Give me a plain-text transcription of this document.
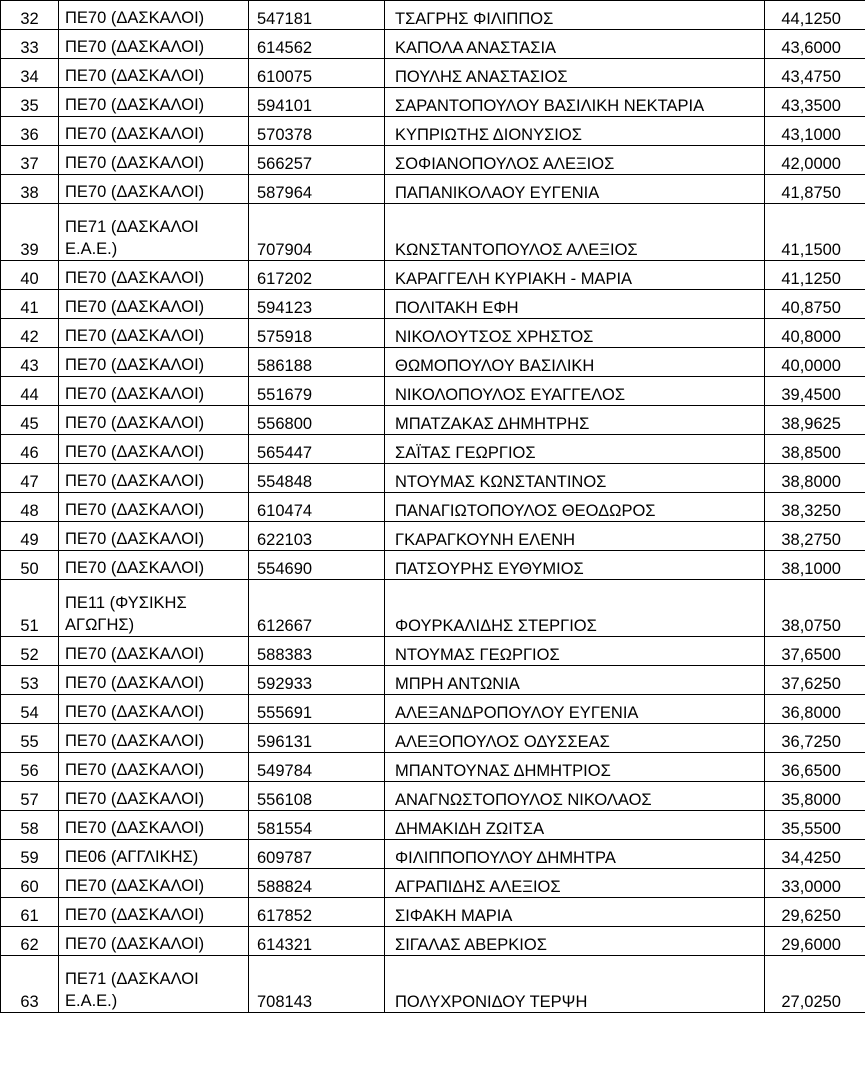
32	ΠΕ70 (ΔΑΣΚΑΛΟΙ)	547181	ΤΣΑΓΡΗΣ ΦΙΛΙΠΠΟΣ	44,1250
33	ΠΕ70 (ΔΑΣΚΑΛΟΙ)	614562	ΚΑΠΟΛΑ ΑΝΑΣΤΑΣΙΑ	43,6000
34	ΠΕ70 (ΔΑΣΚΑΛΟΙ)	610075	ΠΟΥΛΗΣ ΑΝΑΣΤΑΣΙΟΣ	43,4750
35	ΠΕ70 (ΔΑΣΚΑΛΟΙ)	594101	ΣΑΡΑΝΤΟΠΟΥΛΟΥ ΒΑΣΙΛΙΚΗ ΝΕΚΤΑΡΙΑ	43,3500
36	ΠΕ70 (ΔΑΣΚΑΛΟΙ)	570378	ΚΥΠΡΙΩΤΗΣ ΔΙΟΝΥΣΙΟΣ	43,1000
37	ΠΕ70 (ΔΑΣΚΑΛΟΙ)	566257	ΣΟΦΙΑΝΟΠΟΥΛΟΣ ΑΛΕΞΙΟΣ	42,0000
38	ΠΕ70 (ΔΑΣΚΑΛΟΙ)	587964	ΠΑΠΑΝΙΚΟΛΑΟΥ ΕΥΓΕΝΙΑ	41,8750
39	ΠΕ71 (ΔΑΣΚΑΛΟΙ Ε.Α.Ε.)	707904	ΚΩΝΣΤΑΝΤΟΠΟΥΛΟΣ ΑΛΕΞΙΟΣ	41,1500
40	ΠΕ70 (ΔΑΣΚΑΛΟΙ)	617202	ΚΑΡΑΓΓΕΛΗ ΚΥΡΙΑΚΗ - ΜΑΡΙΑ	41,1250
41	ΠΕ70 (ΔΑΣΚΑΛΟΙ)	594123	ΠΟΛΙΤΑΚΗ ΕΦΗ	40,8750
42	ΠΕ70 (ΔΑΣΚΑΛΟΙ)	575918	ΝΙΚΟΛΟΥΤΣΟΣ ΧΡΗΣΤΟΣ	40,8000
43	ΠΕ70 (ΔΑΣΚΑΛΟΙ)	586188	ΘΩΜΟΠΟΥΛΟΥ ΒΑΣΙΛΙΚΗ	40,0000
44	ΠΕ70 (ΔΑΣΚΑΛΟΙ)	551679	ΝΙΚΟΛΟΠΟΥΛΟΣ ΕΥΑΓΓΕΛΟΣ	39,4500
45	ΠΕ70 (ΔΑΣΚΑΛΟΙ)	556800	ΜΠΑΤΖΑΚΑΣ ΔΗΜΗΤΡΗΣ	38,9625
46	ΠΕ70 (ΔΑΣΚΑΛΟΙ)	565447	ΣΑΪΤΑΣ ΓΕΩΡΓΙΟΣ	38,8500
47	ΠΕ70 (ΔΑΣΚΑΛΟΙ)	554848	ΝΤΟΥΜΑΣ ΚΩΝΣΤΑΝΤΙΝΟΣ	38,8000
48	ΠΕ70 (ΔΑΣΚΑΛΟΙ)	610474	ΠΑΝΑΓΙΩΤΟΠΟΥΛΟΣ ΘΕΟΔΩΡΟΣ	38,3250
49	ΠΕ70 (ΔΑΣΚΑΛΟΙ)	622103	ΓΚΑΡΑΓΚΟΥΝΗ ΕΛΕΝΗ	38,2750
50	ΠΕ70 (ΔΑΣΚΑΛΟΙ)	554690	ΠΑΤΣΟΥΡΗΣ ΕΥΘΥΜΙΟΣ	38,1000
51	ΠΕ11 (ΦΥΣΙΚΗΣ ΑΓΩΓΗΣ)	612667	ΦΟΥΡΚΑΛΙΔΗΣ ΣΤΕΡΓΙΟΣ	38,0750
52	ΠΕ70 (ΔΑΣΚΑΛΟΙ)	588383	ΝΤΟΥΜΑΣ ΓΕΩΡΓΙΟΣ	37,6500
53	ΠΕ70 (ΔΑΣΚΑΛΟΙ)	592933	ΜΠΡΗ ΑΝΤΩΝΙΑ	37,6250
54	ΠΕ70 (ΔΑΣΚΑΛΟΙ)	555691	ΑΛΕΞΑΝΔΡΟΠΟΥΛΟΥ ΕΥΓΕΝΙΑ	36,8000
55	ΠΕ70 (ΔΑΣΚΑΛΟΙ)	596131	ΑΛΕΞΟΠΟΥΛΟΣ ΟΔΥΣΣΕΑΣ	36,7250
56	ΠΕ70 (ΔΑΣΚΑΛΟΙ)	549784	ΜΠΑΝΤΟΥΝΑΣ ΔΗΜΗΤΡΙΟΣ	36,6500
57	ΠΕ70 (ΔΑΣΚΑΛΟΙ)	556108	ΑΝΑΓΝΩΣΤΟΠΟΥΛΟΣ ΝΙΚΟΛΑΟΣ	35,8000
58	ΠΕ70 (ΔΑΣΚΑΛΟΙ)	581554	ΔΗΜΑΚΙΔΗ ΖΩΙΤΣΑ	35,5500
59	ΠΕ06 (ΑΓΓΛΙΚΗΣ)	609787	ΦΙΛΙΠΠΟΠΟΥΛΟΥ ΔΗΜΗΤΡΑ	34,4250
60	ΠΕ70 (ΔΑΣΚΑΛΟΙ)	588824	ΑΓΡΑΠΙΔΗΣ ΑΛΕΞΙΟΣ	33,0000
61	ΠΕ70 (ΔΑΣΚΑΛΟΙ)	617852	ΣΙΦΑΚΗ ΜΑΡΙΑ	29,6250
62	ΠΕ70 (ΔΑΣΚΑΛΟΙ)	614321	ΣΙΓΑΛΑΣ ΑΒΕΡΚΙΟΣ	29,6000
63	ΠΕ71 (ΔΑΣΚΑΛΟΙ Ε.Α.Ε.)	708143	ΠΟΛΥΧΡΟΝΙΔΟΥ ΤΕΡΨΗ	27,0250
